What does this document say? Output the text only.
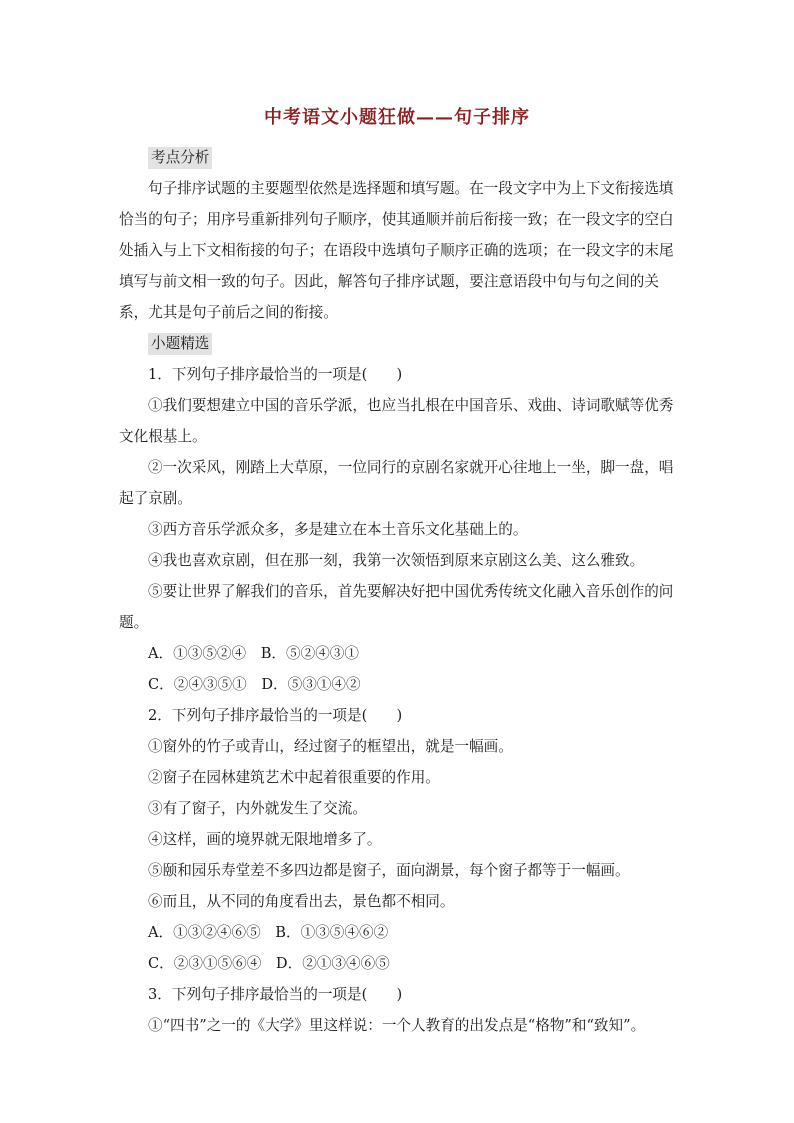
中考语文小题狂做——句子排序
考点分析

句子排序试题的主要题型依然是选择题和填写题。在一段文字中为上下文衔接选填恰当的句子；用序号重新排列句子顺序，使其通顺并前后衔接一致；在一段文字的空白处插入与上下文相衔接的句子；在语段中选填句子顺序正确的选项；在一段文字的末尾填写与前文相一致的句子。因此，解答句子排序试题，要注意语段中句与句之间的关系，尤其是句子前后之间的衔接。

小题精选

1．下列句子排序最恰当的一项是(　　)

①我们要想建立中国的音乐学派，也应当扎根在中国音乐、戏曲、诗词歌赋等优秀文化根基上。

②一次采风，刚踏上大草原，一位同行的京剧名家就开心往地上一坐，脚一盘，唱起了京剧。

③西方音乐学派众多，多是建立在本土音乐文化基础上的。

④我也喜欢京剧，但在那一刻，我第一次领悟到原来京剧这么美、这么雅致。

⑤要让世界了解我们的音乐，首先要解决好把中国优秀传统文化融入音乐创作的问题。

A．①③⑤②④　B．⑤②④③①

C．②④③⑤①　D．⑤③①④②

2．下列句子排序最恰当的一项是(　　)

①窗外的竹子或青山，经过窗子的框望出，就是一幅画。

②窗子在园林建筑艺术中起着很重要的作用。

③有了窗子，内外就发生了交流。

④这样，画的境界就无限地增多了。

⑤颐和园乐寿堂差不多四边都是窗子，面向湖景，每个窗子都等于一幅画。

⑥而且，从不同的角度看出去，景色都不相同。

A．①③②④⑥⑤　B．①③⑤④⑥②

C．②③①⑤⑥④　D．②①③④⑥⑤

3．下列句子排序最恰当的一项是(　　)

①“四书”之一的《大学》里这样说：一个人教育的出发点是“格物”和“致知”。
